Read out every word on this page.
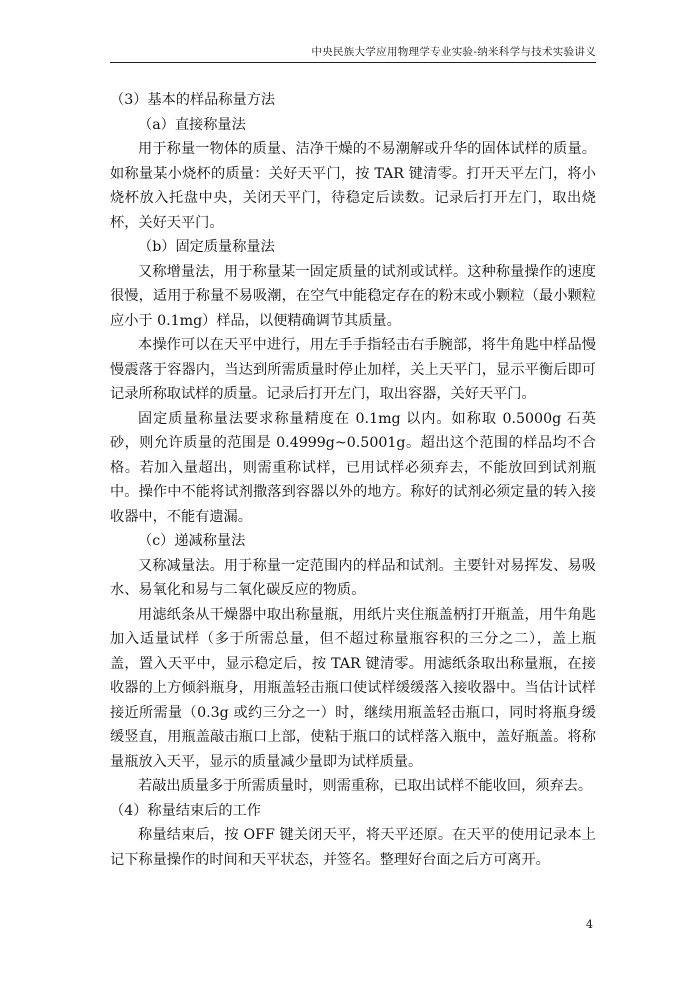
中央民族大学应用物理学专业实验-纳米科学与技术实验讲义

（3）基本的样品称量方法

（a）直接称量法

用于称量一物体的质量、洁净干燥的不易潮解或升华的固体试样的质量。如称量某小烧杯的质量：关好天平门，按 TAR 键清零。打开天平左门，将小烧杯放入托盘中央，关闭天平门，待稳定后读数。记录后打开左门，取出烧杯，关好天平门。

（b）固定质量称量法

又称增量法，用于称量某一固定质量的试剂或试样。这种称量操作的速度很慢，适用于称量不易吸潮，在空气中能稳定存在的粉末或小颗粒（最小颗粒应小于 0.1mg）样品，以便精确调节其质量。

本操作可以在天平中进行，用左手手指轻击右手腕部，将牛角匙中样品慢慢震落于容器内，当达到所需质量时停止加样，关上天平门，显示平衡后即可记录所称取试样的质量。记录后打开左门，取出容器，关好天平门。

固定质量称量法要求称量精度在 0.1mg 以内。如称取 0.5000g 石英砂，则允许质量的范围是 0.4999g~0.5001g。超出这个范围的样品均不合格。若加入量超出，则需重称试样，已用试样必须弃去，不能放回到试剂瓶中。操作中不能将试剂撒落到容器以外的地方。称好的试剂必须定量的转入接收器中，不能有遗漏。

（c）递减称量法

又称减量法。用于称量一定范围内的样品和试剂。主要针对易挥发、易吸水、易氧化和易与二氧化碳反应的物质。

用滤纸条从干燥器中取出称量瓶，用纸片夹住瓶盖柄打开瓶盖，用牛角匙加入适量试样（多于所需总量，但不超过称量瓶容积的三分之二），盖上瓶盖，置入天平中，显示稳定后，按 TAR 键清零。用滤纸条取出称量瓶，在接收器的上方倾斜瓶身，用瓶盖轻击瓶口使试样缓缓落入接收器中。当估计试样接近所需量（0.3g 或约三分之一）时，继续用瓶盖轻击瓶口，同时将瓶身缓缓竖直，用瓶盖敲击瓶口上部，使粘于瓶口的试样落入瓶中，盖好瓶盖。将称量瓶放入天平，显示的质量减少量即为试样质量。

若敲出质量多于所需质量时，则需重称，已取出试样不能收回，须弃去。

（4）称量结束后的工作

称量结束后，按 OFF 键关闭天平，将天平还原。在天平的使用记录本上记下称量操作的时间和天平状态，并签名。整理好台面之后方可离开。

4
